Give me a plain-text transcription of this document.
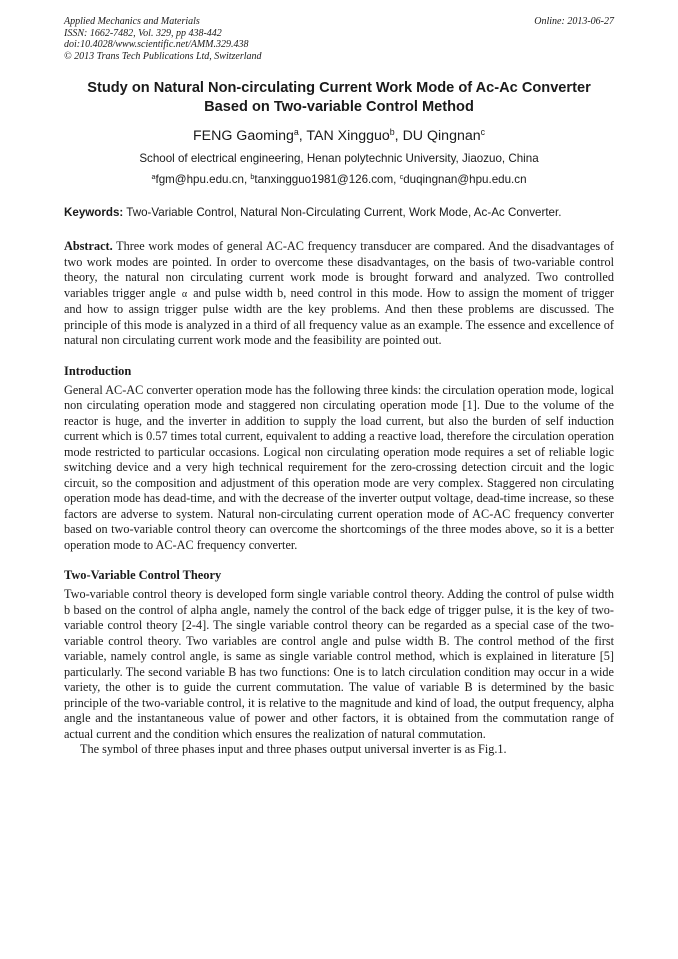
Applied Mechanics and Materials
ISSN: 1662-7482, Vol. 329, pp 438-442
doi:10.4028/www.scientific.net/AMM.329.438
© 2013 Trans Tech Publications Ltd, Switzerland
Online: 2013-06-27
Study on Natural Non-circulating Current Work Mode of Ac-Ac Converter
Based on Two-variable Control Method
FENG Gaoming$^a$, TAN Xingguo$^b$, DU Qingnan$^c$
School of electrical engineering, Henan polytechnic University, Jiaozuo, China
$^a$fgm@hpu.edu.cn, $^b$tanxingguo1981@126.com, $^c$duqingnan@hpu.edu.cn
Keywords: Two-Variable Control, Natural Non-Circulating Current, Work Mode, Ac-Ac Converter.

Abstract. Three work modes of general AC-AC frequency transducer are compared. And the disadvantages of two work modes are pointed. In order to overcome these disadvantages, on the basis of two-variable control theory, the natural non circulating current work mode is brought forward and analyzed. Two controlled variables trigger angle α and pulse width b, need control in this mode. How to assign the moment of trigger and how to assign trigger pulse width are the key problems. And then these problems are discussed. The principle of this mode is analyzed in a third of all frequency value as an example. The essence and excellence of natural non circulating current work mode and the feasibility are pointed out.

Introduction

General AC-AC converter operation mode has the following three kinds: the circulation operation mode, logical non circulating operation mode and staggered non circulating operation mode [1]. Due to the volume of the reactor is huge, and the inverter in addition to supply the load current, but also the burden of self induction current which is 0.57 times total current, equivalent to adding a reactive load, therefore the circulation operation mode restricted to particular occasions. Logical non circulating operation mode requires a set of reliable logic switching device and a very high technical requirement for the zero-crossing detection circuit and the logic circuit, so the composition and adjustment of this operation mode are very complex. Staggered non circulating operation mode has dead-time, and with the decrease of the inverter output voltage, dead-time increase, so these factors are adverse to system. Natural non-circulating current operation mode of AC-AC frequency converter based on two-variable control theory can overcome the shortcomings of the three modes above, so it is a better operation mode to AC-AC frequency converter.

Two-Variable Control Theory

Two-variable control theory is developed form single variable control theory. Adding the control of pulse width b based on the control of alpha angle, namely the control of the back edge of trigger pulse, it is the key of two-variable control theory [2-4]. The single variable control theory can be regarded as a special case of the two-variable control theory. Two variables are control angle and pulse width B. The control method of the first variable, namely control angle, is same as single variable control method, which is explained in literature [5] particularly. The second variable B has two functions: One is to latch circulation condition may occur in a wide variety, the other is to guide the current commutation. The value of variable B is determined by the basic principle of the two-variable control, it is relative to the magnitude and kind of load, the output frequency, alpha angle and the instantaneous value of power and other factors, it is obtained from the commutation range of actual current and the condition which ensures the realization of natural commutation.

The symbol of three phases input and three phases output universal inverter is as Fig.1.
